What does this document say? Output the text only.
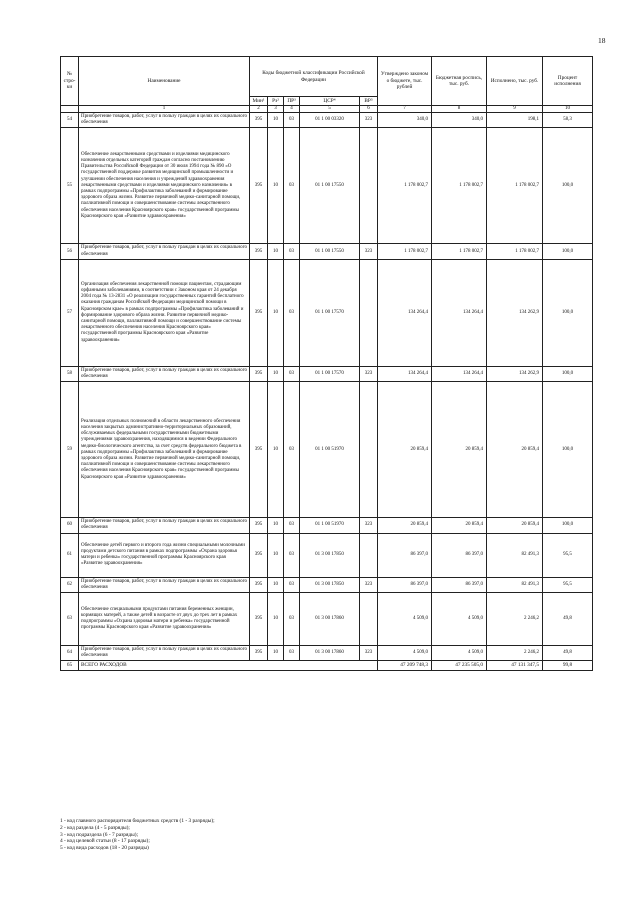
18
№ стро-ки	Наименование	Коды бюджетной классификации Российской Федерации					Утверждено законом о бюджете, тыс. рублей	Бюджетная роспись, тыс. руб.	Исполнено, тыс. руб.	Процент исполнения
		Мин¹	Рз²	ПР³	ЦСР⁴	ВР⁵				
	1	2	3	4	5	6	7	8	9	10
54	Приобретение товаров, работ, услуг в пользу граждан в целях их социального обеспечения	395	10	03	01 1 00 03320	323	340,0	340,0	198,1	58,3
55	Обеспечение лекарственными средствами и изделиями медицинского назначения отдельных категорий граждан согласно постановлению Правительства Российской Федерации от 30 июля 1994 года № 890 «О государственной поддержке развития медицинской промышленности и улучшении обеспечения населения и учреждений здравоохранения лекарственными средствами и изделиями медицинского назначения» в рамках подпрограммы «Профилактика заболеваний и формирование здорового образа жизни. Развитие первичной медико-санитарной помощи, паллиативной помощи и совершенствование системы лекарственного обеспечения населения Красноярского края» государственной программы Красноярского края «Развитие здравоохранения»	395	10	03	01 1 00 17550		1 178 002,7	1 178 002,7	1 178 002,7	100,0
56	Приобретение товаров, работ, услуг в пользу граждан в целях их социального обеспечения	395	10	03	01 1 00 17550	323	1 178 002,7	1 178 002,7	1 178 002,7	100,0
57	Организация обеспечения лекарственной помощи пациентам, страдающим орфанными заболеваниями, в соответствии с Законом края от 24 декабря 2004 года № 13-2831 «О реализации государственных гарантий бесплатного оказания гражданам Российской Федерации медицинской помощи в Красноярском крае» в рамках подпрограммы «Профилактика заболеваний и формирование здорового образа жизни. Развитие первичной медико-санитарной помощи, паллиативной помощи и совершенствование системы лекарственного обеспечения населения Красноярского края» государственной программы Красноярского края «Развитие здравоохранения»	395	10	03	01 1 00 17570		134 264,4	134 264,4	134 262,9	100,0
58	Приобретение товаров, работ, услуг в пользу граждан в целях их социального обеспечения	395	10	03	01 1 00 17570	323	134 264,4	134 264,4	134 262,9	100,0
59	Реализация отдельных полномочий в области лекарственного обеспечения населения закрытых административно-территориальных образований, обслуживаемых федеральными государственными бюджетными учреждениями здравоохранения, находящимися в ведении Федерального медико-биологического агентства, за счет средств федерального бюджета в рамках подпрограммы «Профилактика заболеваний и формирование здорового образа жизни. Развитие первичной медико-санитарной помощи, паллиативной помощи и совершенствование системы лекарственного обеспечения населения Красноярского края» государственной программы Красноярского края «Развитие здравоохранения»	395	10	03	01 1 00 51970		20 859,4	20 859,4	20 859,4	100,0
60	Приобретение товаров, работ, услуг в пользу граждан в целях их социального обеспечения	395	10	03	01 1 00 51970	323	20 859,4	20 859,4	20 859,4	100,0
61	Обеспечение детей первого и второго года жизни специальными молочными продуктами детского питания в рамках подпрограммы «Охрана здоровья матери и ребенка» государственной программы Красноярского края «Развитие здравоохранения»	395	10	03	01 3 00 17850		86 397,0	86 397,0	82 491,3	95,5
62	Приобретение товаров, работ, услуг в пользу граждан в целях их социального обеспечения	395	10	03	01 3 00 17850	323	86 397,0	86 397,0	82 491,3	95,5
63	Обеспечение специальными продуктами питания беременных женщин, кормящих матерей, а также детей в возрасте от двух до трех лет в рамках подпрограммы «Охрана здоровья матери и ребенка» государственной программы Красноярского края «Развитие здравоохранения»	395	10	03	01 3 00 17860		4 509,0	4 509,0	2 246,2	49,8
64	Приобретение товаров, работ, услуг в пользу граждан в целях их социального обеспечения	395	10	03	01 3 00 17860	323	4 509,0	4 509,0	2 246,2	49,8
65	ВСЕГО РАСХОДОВ						47 209 748,3	47 235 505,0	47 131 347,5	99,8
1 - код главного распорядителя бюджетных средств (1 - 3 разряды);
2 - код раздела (4 - 5 разряды);
3 - код подраздела (6 - 7 разряды);
4 - код целевой статьи (8 - 17 разряды);
5 - код вида расходов (18 - 20 разряды)
